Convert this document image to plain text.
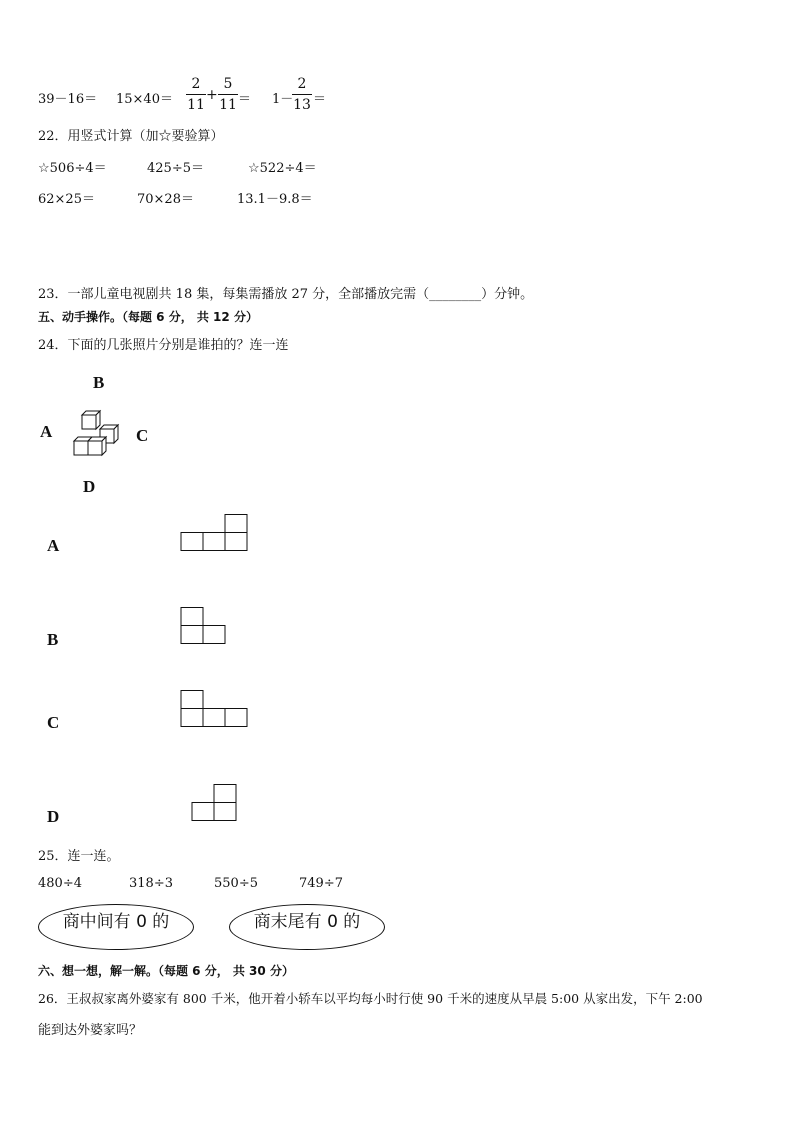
39－16＝ 15×40＝
2
11
+
5
11 ＝ 1－
2
13 ＝
22．用竖式计算（加☆要验算）
☆506÷4＝	425÷5＝	☆522÷4＝
62×25＝	70×28＝	13.1－9.8＝
23．一部儿童电视剧共 18 集，每集需播放 27 分，全部播放完需（________）分钟。
五、动手操作。（每题 6 分， 共 12 分）
24．下面的几张照片分别是谁拍的？连一连
B
A	C
D
A
B
C
D
25．连一连。
480÷4	318÷3	550÷5	749÷7
商中间有 0 的	商末尾有 0 的
六、想一想，解一解。（每题 6 分， 共 30 分）
26．王叔叔家离外婆家有 800 千米，他开着小轿车以平均每小时行使 90 千米的速度从早晨 5:00 从家出发，下午 2:00
能到达外婆家吗？
